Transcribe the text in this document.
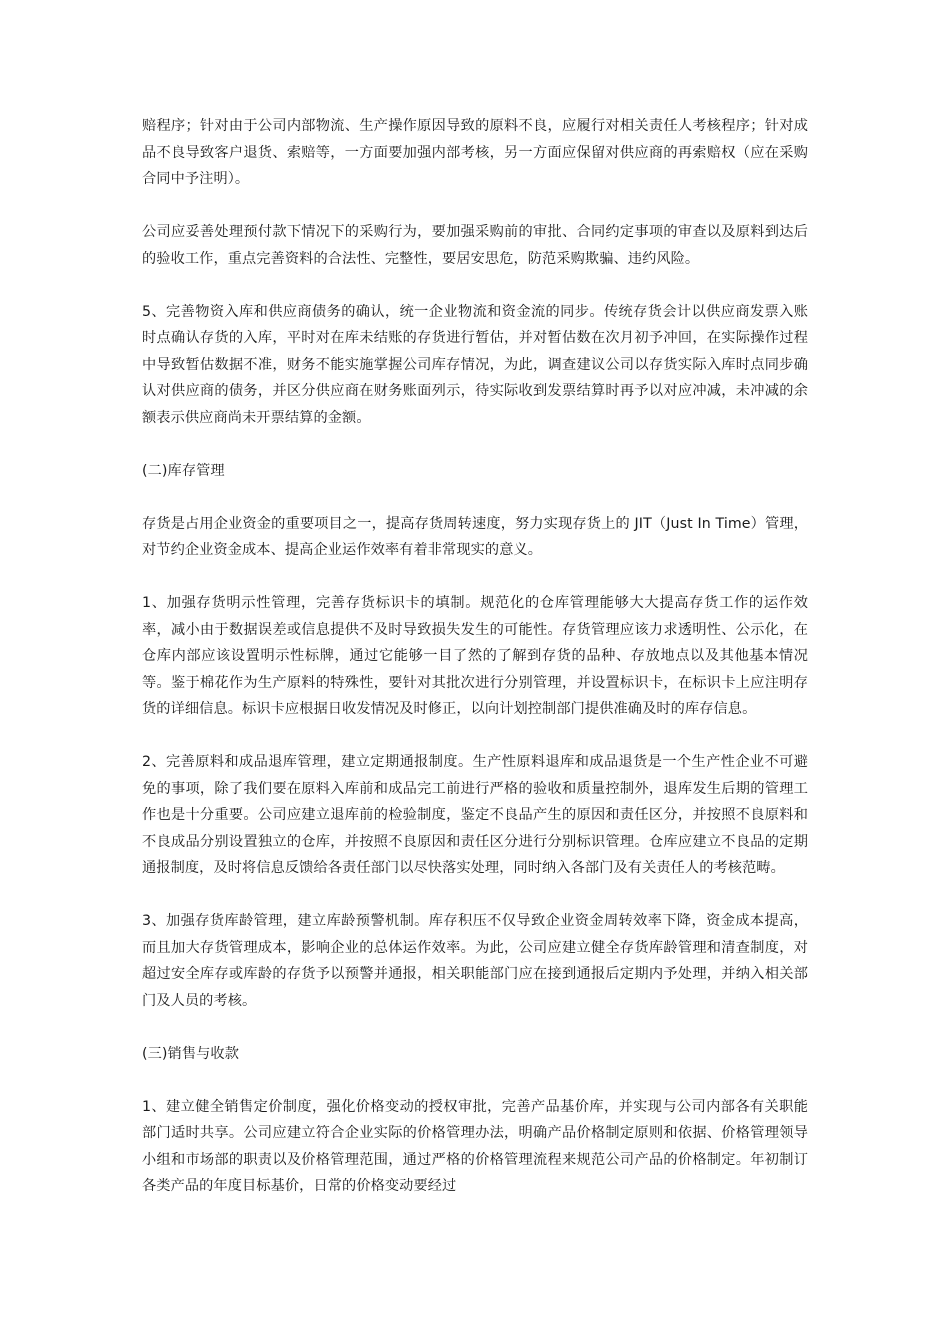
赔程序；针对由于公司内部物流、生产操作原因导致的原料不良，应履行对相关责任人考核程序；针对成品不良导致客户退货、索赔等，一方面要加强内部考核，另一方面应保留对供应商的再索赔权（应在采购合同中予注明）。

公司应妥善处理预付款下情况下的采购行为，要加强采购前的审批、合同约定事项的审查以及原料到达后的验收工作，重点完善资料的合法性、完整性，要居安思危，防范采购欺骗、违约风险。

5、完善物资入库和供应商债务的确认，统一企业物流和资金流的同步。传统存货会计以供应商发票入账时点确认存货的入库，平时对在库未结账的存货进行暂估，并对暂估数在次月初予冲回，在实际操作过程中导致暂估数据不准，财务不能实施掌握公司库存情况，为此，调查建议公司以存货实际入库时点同步确认对供应商的债务，并区分供应商在财务账面列示，待实际收到发票结算时再予以对应冲减，未冲减的余额表示供应商尚未开票结算的金额。

(二)库存管理

存货是占用企业资金的重要项目之一，提高存货周转速度，努力实现存货上的 JIT（Just In Time）管理，对节约企业资金成本、提高企业运作效率有着非常现实的意义。

1、加强存货明示性管理，完善存货标识卡的填制。规范化的仓库管理能够大大提高存货工作的运作效率，减小由于数据误差或信息提供不及时导致损失发生的可能性。存货管理应该力求透明性、公示化，在仓库内部应该设置明示性标牌，通过它能够一目了然的了解到存货的品种、存放地点以及其他基本情况等。鉴于棉花作为生产原料的特殊性，要针对其批次进行分别管理，并设置标识卡，在标识卡上应注明存货的详细信息。标识卡应根据日收发情况及时修正，以向计划控制部门提供准确及时的库存信息。

2、完善原料和成品退库管理，建立定期通报制度。生产性原料退库和成品退货是一个生产性企业不可避免的事项，除了我们要在原料入库前和成品完工前进行严格的验收和质量控制外，退库发生后期的管理工作也是十分重要。公司应建立退库前的检验制度，鉴定不良品产生的原因和责任区分，并按照不良原料和不良成品分别设置独立的仓库，并按照不良原因和责任区分进行分别标识管理。仓库应建立不良品的定期通报制度，及时将信息反馈给各责任部门以尽快落实处理，同时纳入各部门及有关责任人的考核范畴。

3、加强存货库龄管理，建立库龄预警机制。库存积压不仅导致企业资金周转效率下降，资金成本提高，而且加大存货管理成本，影响企业的总体运作效率。为此，公司应建立健全存货库龄管理和清查制度，对超过安全库存或库龄的存货予以预警并通报，相关职能部门应在接到通报后定期内予处理，并纳入相关部门及人员的考核。

(三)销售与收款

1、建立健全销售定价制度，强化价格变动的授权审批，完善产品基价库，并实现与公司内部各有关职能部门适时共享。公司应建立符合企业实际的价格管理办法，明确产品价格制定原则和依据、价格管理领导小组和市场部的职责以及价格管理范围，通过严格的价格管理流程来规范公司产品的价格制定。年初制订各类产品的年度目标基价，日常的价格变动要经过
